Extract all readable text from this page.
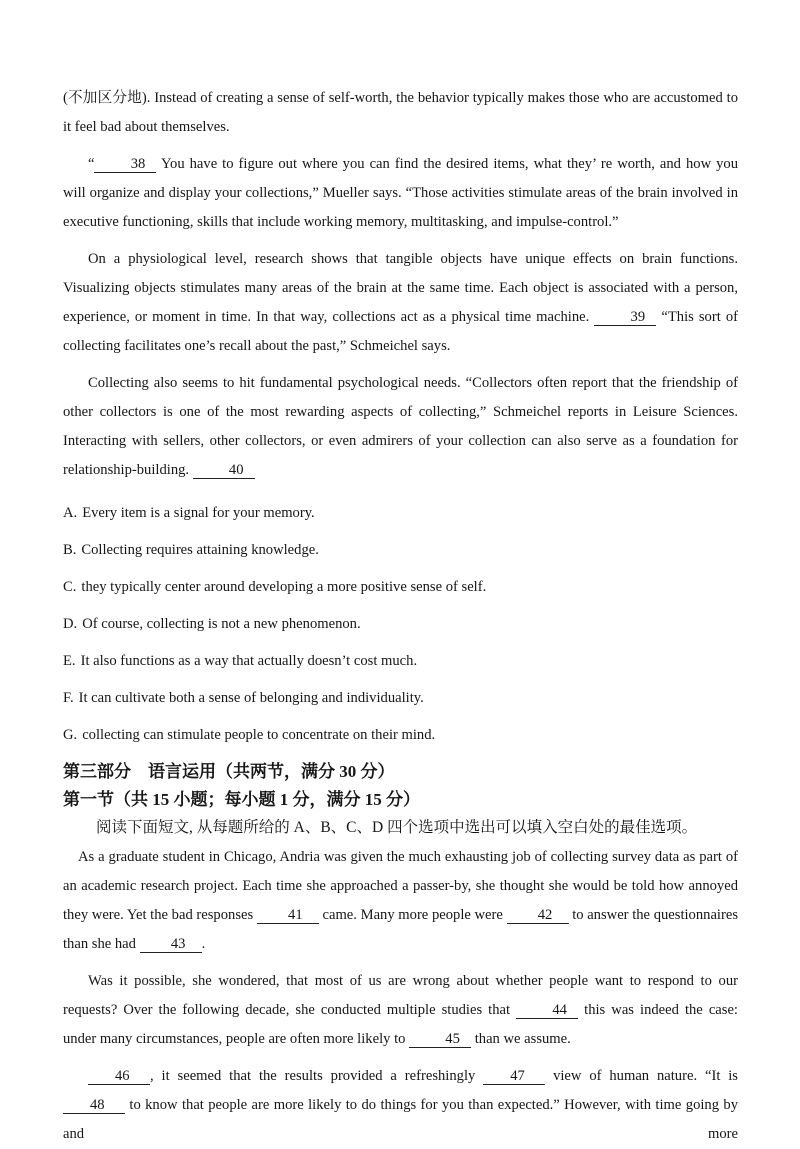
(不加区分地). Instead of creating a sense of self-worth, the behavior typically makes those who are accustomed to it feel bad about themselves.

“ 38 You have to figure out where you can find the desired items, what they’ re worth, and how you will organize and display your collections,” Mueller says. “Those activities stimulate areas of the brain involved in executive functioning, skills that include working memory, multitasking, and impulse-control.”

On a physiological level, research shows that tangible objects have unique effects on brain functions. Visualizing objects stimulates many areas of the brain at the same time. Each object is associated with a person, experience, or moment in time. In that way, collections act as a physical time machine. 39 “This sort of collecting facilitates one’s recall about the past,” Schmeichel says.

Collecting also seems to hit fundamental psychological needs. “Collectors often report that the friendship of other collectors is one of the most rewarding aspects of collecting,” Schmeichel reports in Leisure Sciences. Interacting with sellers, other collectors, or even admirers of your collection can also serve as a foundation for relationship-building. 40

A. Every item is a signal for your memory.

B. Collecting requires attaining knowledge.

C. they typically center around developing a more positive sense of self.

D. Of course, collecting is not a new phenomenon.

E. It also functions as a way that actually doesn’t cost much.

F. It can cultivate both a sense of belonging and individuality.

G. collecting can stimulate people to concentrate on their mind.

第三部分　语言运用（共两节，满分 30 分）

第一节（共 15 小题；每小题 1 分，满分 15 分）

阅读下面短文, 从每题所给的 A、B、C、D 四个选项中选出可以填入空白处的最佳选项。

As a graduate student in Chicago, Andria was given the much exhausting job of collecting survey data as part of an academic research project. Each time she approached a passer-by, she thought she would be told how annoyed they were. Yet the bad responses 41 came. Many more people were 42 to answer the questionnaires than she had 43 .

Was it possible, she wondered, that most of us are wrong about whether people want to respond to our requests? Over the following decade, she conducted multiple studies that 44 this was indeed the case: under many circumstances, people are often more likely to 45 than we assume.

46 , it seemed that the results provided a refreshingly 47 view of human nature. “It is 48 to know that people are more likely to do things for you than expected.” However, with time going by and more
